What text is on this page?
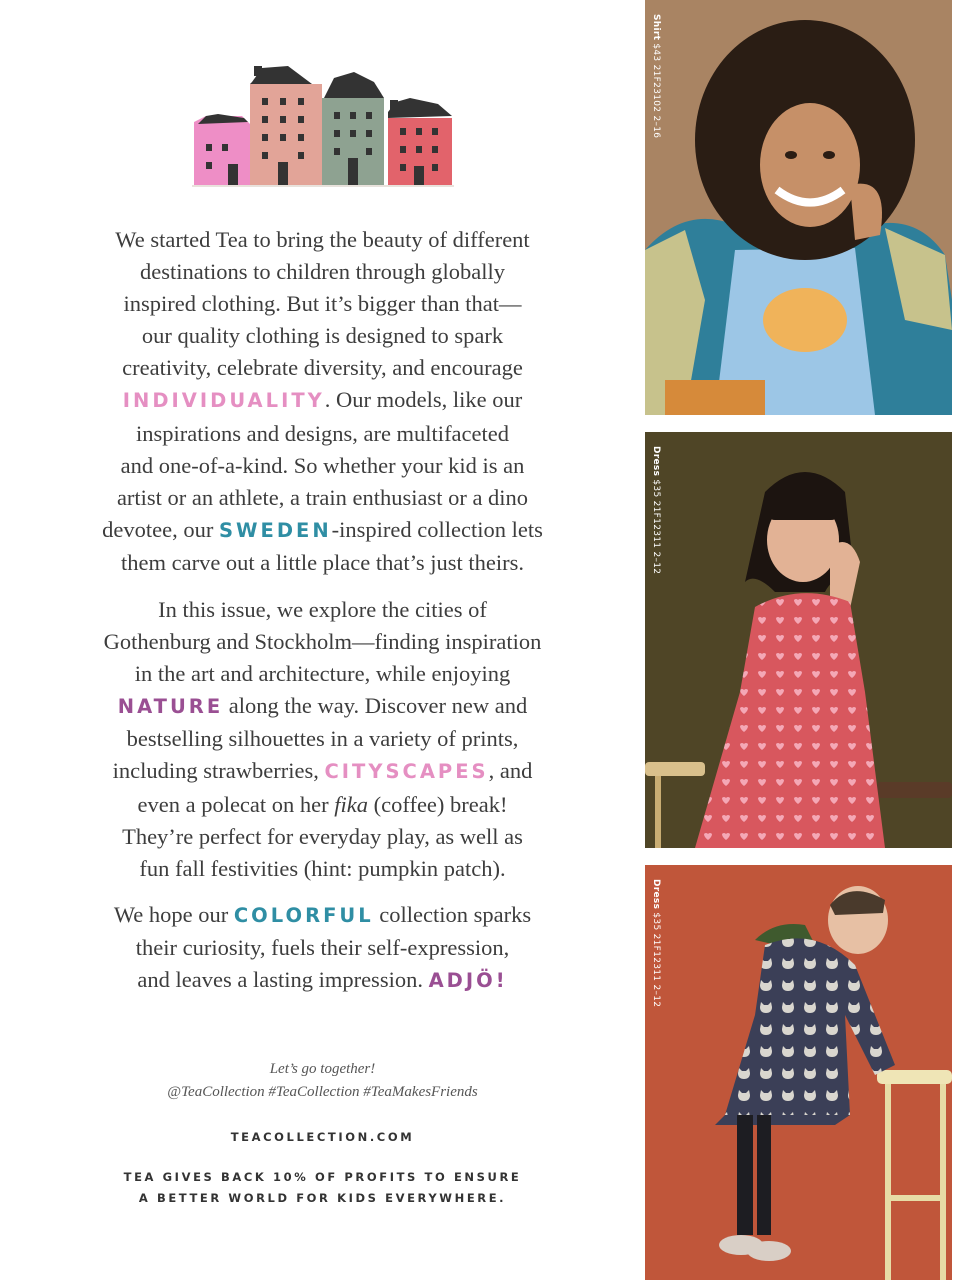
We started Tea to bring the beauty of different

destinations to children through globally

inspired clothing. But it’s bigger than that—

our quality clothing is designed to spark

creativity, celebrate diversity, and encourage

INDIVIDUALITY. Our models, like our

inspirations and designs, are multifaceted

and one-of-a-kind. So whether your kid is an

artist or an athlete, a train enthusiast or a dino

devotee, our SWEDEN-inspired collection lets

them carve out a little place that’s just theirs.

In this issue, we explore the cities of

Gothenburg and Stockholm—finding inspiration

in the art and architecture, while enjoying

NATURE along the way. Discover new and

bestselling silhouettes in a variety of prints,

including strawberries, CITYSCAPES, and

even a polecat on her fika (coffee) break!

They’re perfect for everyday play, as well as

fun fall festivities (hint: pumpkin patch).

We hope our COLORFUL collection sparks

their curiosity, fuels their self-expression,

and leaves a lasting impression. ADJÖ!

Let’s go together!
@TeaCollection #TeaCollection #TeaMakesFriends
TEACOLLECTION.COM
TEA GIVES BACK 10% OF PROFITS TO ENSURE
A BETTER WORLD FOR KIDS EVERYWHERE.
Shirt $43 21F23102 2–16
Dress $35 21F12311 2–12
Dress $35 21F12311 2–12
